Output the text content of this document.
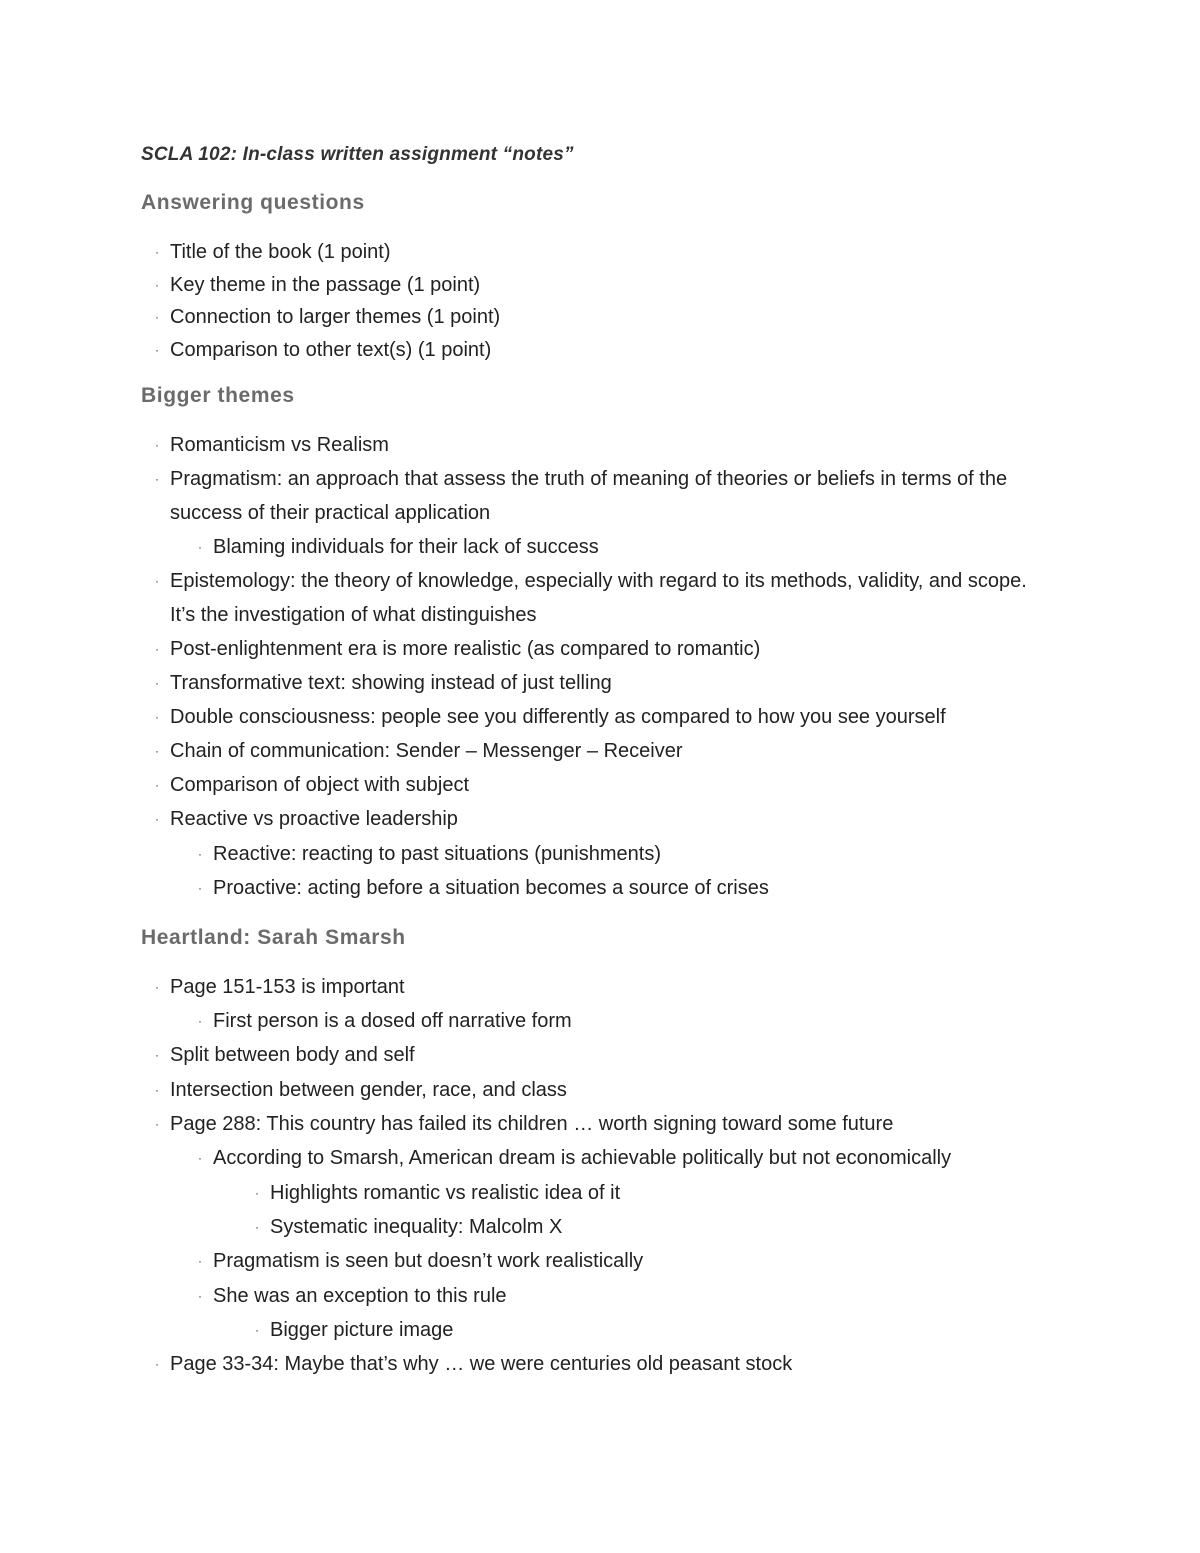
SCLA 102: In-class written assignment “notes”
Answering questions
· Title of the book (1 point)
· Key theme in the passage (1 point)
· Connection to larger themes (1 point)
· Comparison to other text(s) (1 point)
Bigger themes
· Romanticism vs Realism
· Pragmatism: an approach that assess the truth of meaning of theories or beliefs in terms of the success of their practical application
· Blaming individuals for their lack of success
· Epistemology: the theory of knowledge, especially with regard to its methods, validity, and scope. It’s the investigation of what distinguishes
· Post-enlightenment era is more realistic (as compared to romantic)
· Transformative text: showing instead of just telling
· Double consciousness: people see you differently as compared to how you see yourself
· Chain of communication: Sender – Messenger – Receiver
· Comparison of object with subject
· Reactive vs proactive leadership
· Reactive: reacting to past situations (punishments)
· Proactive: acting before a situation becomes a source of crises
Heartland: Sarah Smarsh
· Page 151-153 is important
· First person is a dosed off narrative form
· Split between body and self
· Intersection between gender, race, and class
· Page 288: This country has failed its children … worth signing toward some future
· According to Smarsh, American dream is achievable politically but not economically
· Highlights romantic vs realistic idea of it
· Systematic inequality: Malcolm X
· Pragmatism is seen but doesn’t work realistically
· She was an exception to this rule
· Bigger picture image
· Page 33-34: Maybe that’s why … we were centuries old peasant stock
